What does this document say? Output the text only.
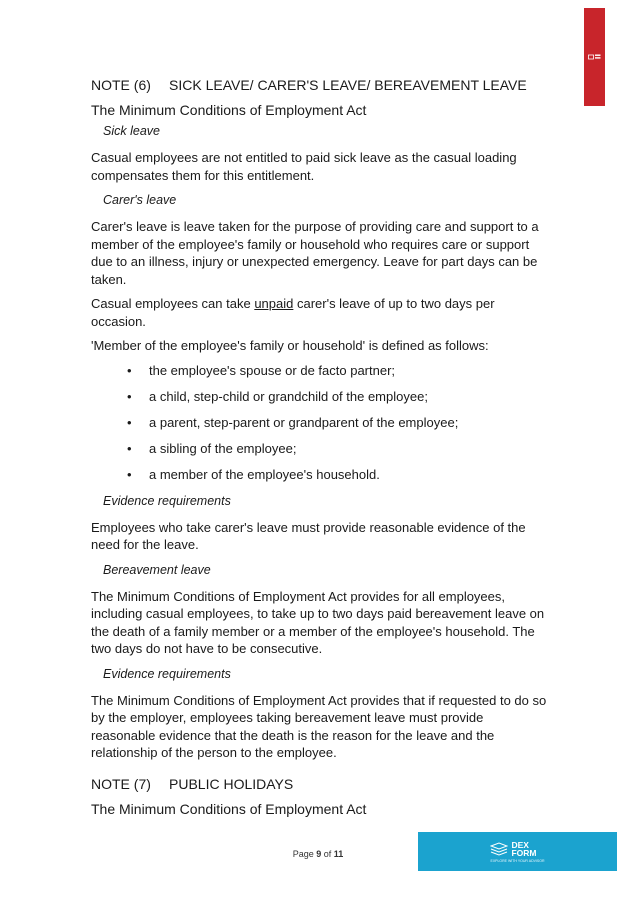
NOTE (6) SICK LEAVE/ CARER'S LEAVE/ BEREAVEMENT LEAVE
The Minimum Conditions of Employment Act
Sick leave

Casual employees are not entitled to paid sick leave as the casual loading compensates them for this entitlement.

Carer's leave

Carer's leave is leave taken for the purpose of providing care and support to a member of the employee's family or household who requires care or support due to an illness, injury or unexpected emergency. Leave for part days can be taken.

Casual employees can take unpaid carer's leave of up to two days per occasion.

'Member of the employee's family or household' is defined as follows:

• the employee's spouse or de facto partner;
• a child, step-child or grandchild of the employee;
• a parent, step-parent or grandparent of the employee;
• a sibling of the employee;
• a member of the employee's household.
Evidence requirements

Employees who take carer's leave must provide reasonable evidence of the need for the leave.

Bereavement leave

The Minimum Conditions of Employment Act provides for all employees, including casual employees, to take up to two days paid bereavement leave on the death of a family member or a member of the employee's household. The two days do not have to be consecutive.

Evidence requirements

The Minimum Conditions of Employment Act provides that if requested to do so by the employer, employees taking bereavement leave must provide reasonable evidence that the death is the reason for the leave and the relationship of the person to the employee.

NOTE (7) PUBLIC HOLIDAYS
The Minimum Conditions of Employment Act
Page 9 of 11
DEX
FORM
EXPLORE WITH YOUR ADVISOR
